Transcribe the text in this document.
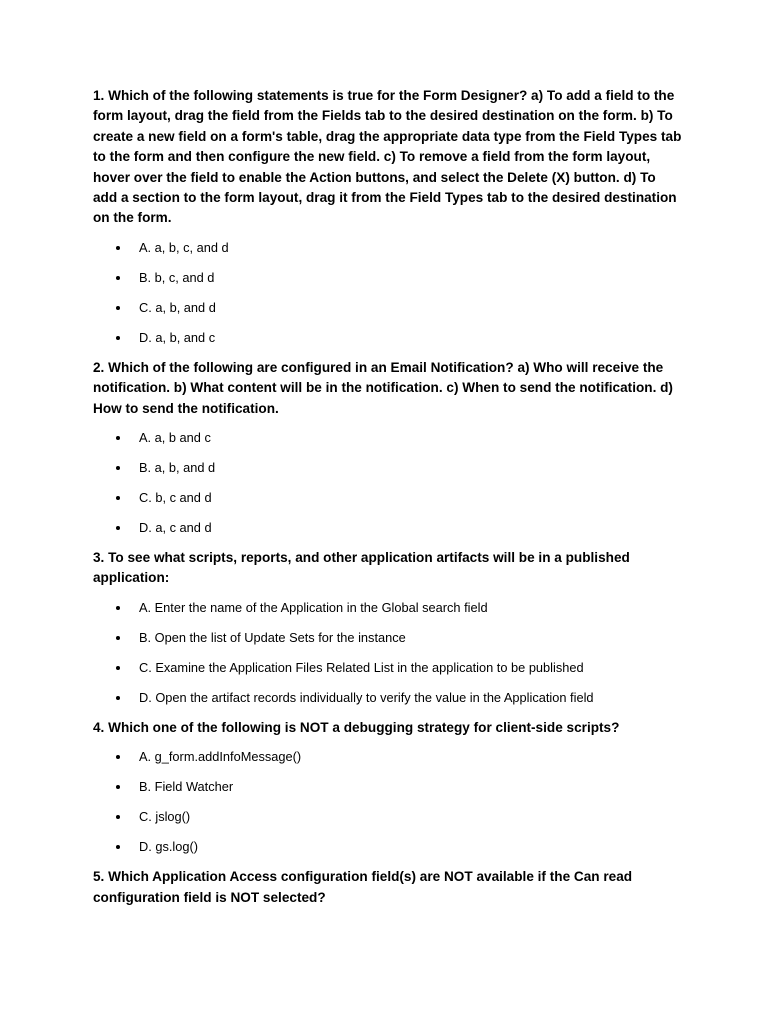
1. Which of the following statements is true for the Form Designer? a) To add a field to the form layout, drag the field from the Fields tab to the desired destination on the form. b) To create a new field on a form's table, drag the appropriate data type from the Field Types tab to the form and then configure the new field. c) To remove a field from the form layout, hover over the field to enable the Action buttons, and select the Delete (X) button. d) To add a section to the form layout, drag it from the Field Types tab to the desired destination on the form.

A. a, b, c, and d
B. b, c, and d
C. a, b, and d
D. a, b, and c

2. Which of the following are configured in an Email Notification? a) Who will receive the notification. b) What content will be in the notification. c) When to send the notification. d) How to send the notification.

A. a, b and c
B. a, b, and d
C. b, c and d
D. a, c and d

3. To see what scripts, reports, and other application artifacts will be in a published application:

A. Enter the name of the Application in the Global search field
B. Open the list of Update Sets for the instance
C. Examine the Application Files Related List in the application to be published
D. Open the artifact records individually to verify the value in the Application field

4. Which one of the following is NOT a debugging strategy for client-side scripts?

A. g_form.addInfoMessage()
B. Field Watcher
C. jslog()
D. gs.log()

5. Which Application Access configuration field(s) are NOT available if the Can read configuration field is NOT selected?
